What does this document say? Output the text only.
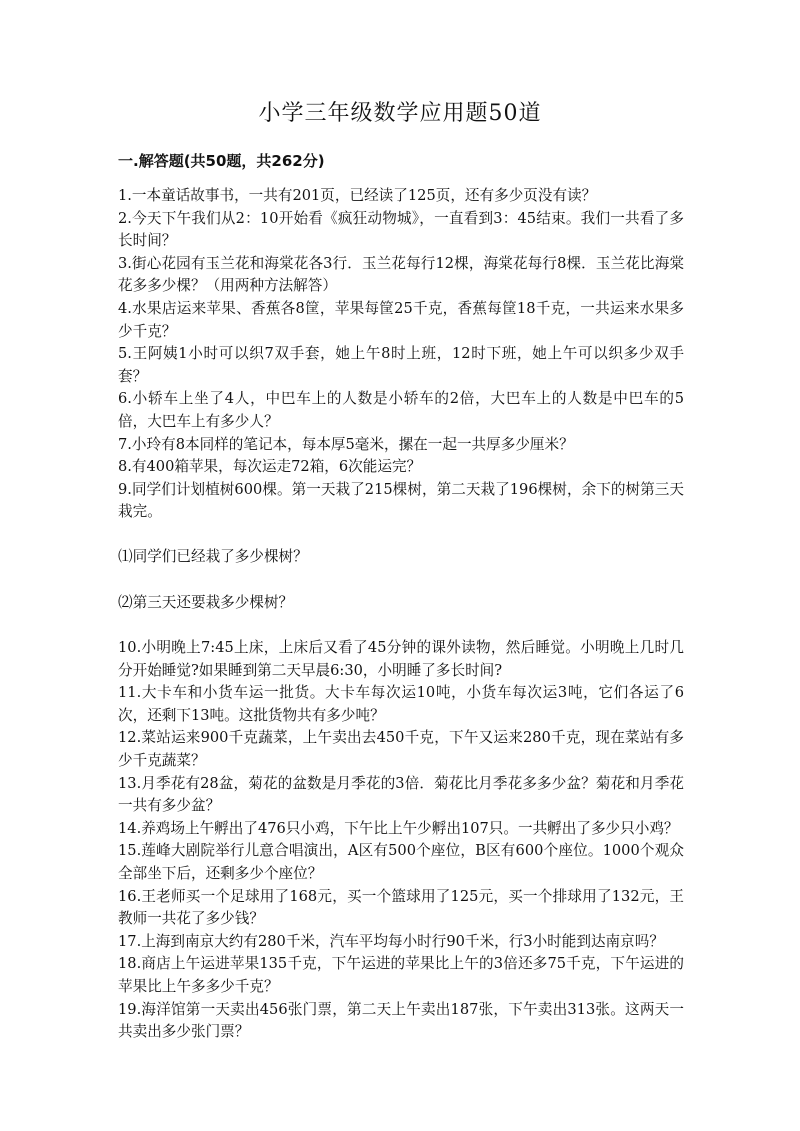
小学三年级数学应用题50道
一.解答题(共50题，共262分)

1.一本童话故事书，一共有201页，已经读了125页，还有多少页没有读？

2.今天下午我们从2：10开始看《疯狂动物城》，一直看到3：45结束。我们一共看了多长时间？

3.街心花园有玉兰花和海棠花各3行．玉兰花每行12棵，海棠花每行8棵．玉兰花比海棠花多多少棵？（用两种方法解答）

4.水果店运来苹果、香蕉各8筐，苹果每筐25千克，香蕉每筐18千克，一共运来水果多少千克？

5.王阿姨1小时可以织7双手套，她上午8时上班，12时下班，她上午可以织多少双手套？

6.小轿车上坐了4人，中巴车上的人数是小轿车的2倍，大巴车上的人数是中巴车的5倍，大巴车上有多少人？

7.小玲有8本同样的笔记本，每本厚5毫米，摞在一起一共厚多少厘米？

8.有400箱苹果，每次运走72箱，6次能运完？

9.同学们计划植树600棵。第一天栽了215棵树，第二天栽了196棵树，余下的树第三天栽完。

⑴同学们已经栽了多少棵树？

⑵第三天还要栽多少棵树？

10.小明晚上7:45上床，上床后又看了45分钟的课外读物，然后睡觉。小明晚上几时几分开始睡觉?如果睡到第二天早晨6:30，小明睡了多长时间?

11.大卡车和小货车运一批货。大卡车每次运10吨，小货车每次运3吨，它们各运了6次，还剩下13吨。这批货物共有多少吨？

12.菜站运来900千克蔬菜，上午卖出去450千克，下午又运来280千克，现在菜站有多少千克蔬菜？

13.月季花有28盆，菊花的盆数是月季花的3倍．菊花比月季花多多少盆？菊花和月季花一共有多少盆？

14.养鸡场上午孵出了476只小鸡，下午比上午少孵出107只。一共孵出了多少只小鸡？

15.莲峰大剧院举行儿意合唱演出，A区有500个座位，B区有600个座位。1000个观众全部坐下后，还剩多少个座位？

16.王老师买一个足球用了168元，买一个篮球用了125元，买一个排球用了132元，王教师一共花了多少钱？

17.上海到南京大约有280千米，汽车平均每小时行90千米，行3小时能到达南京吗？

18.商店上午运进苹果135千克，下午运进的苹果比上午的3倍还多75千克，下午运进的苹果比上午多多少千克？

19.海洋馆第一天卖出456张门票，第二天上午卖出187张，下午卖出313张。这两天一共卖出多少张门票？
